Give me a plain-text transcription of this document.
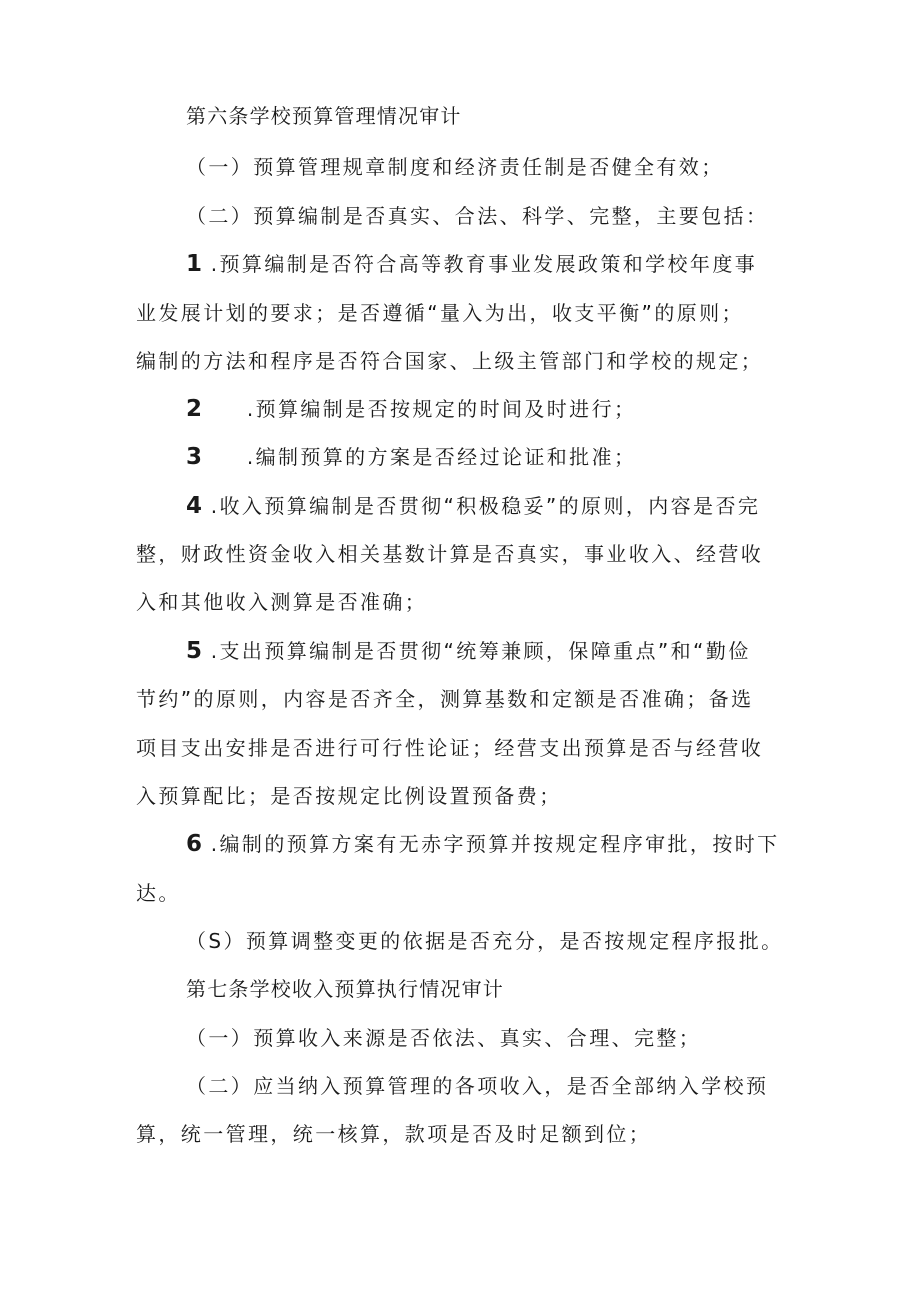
第六条学校预算管理情况审计
（一）预算管理规章制度和经济责任制是否健全有效；
（二）预算编制是否真实、合法、科学、完整，主要包括：
1 .预算编制是否符合高等教育事业发展政策和学校年度事
业发展计划的要求；是否遵循“量入为出，收支平衡”的原则；
编制的方法和程序是否符合国家、上级主管部门和学校的规定；
2　　.预算编制是否按规定的时间及时进行；
3　　.编制预算的方案是否经过论证和批准；
4 .收入预算编制是否贯彻“积极稳妥”的原则，内容是否完
整，财政性资金收入相关基数计算是否真实，事业收入、经营收
入和其他收入测算是否准确；
5 .支出预算编制是否贯彻“统筹兼顾，保障重点”和“勤俭
节约”的原则，内容是否齐全，测算基数和定额是否准确；备选
项目支出安排是否进行可行性论证；经营支出预算是否与经营收
入预算配比；是否按规定比例设置预备费；
6 .编制的预算方案有无赤字预算并按规定程序审批，按时下
达。
（S）预算调整变更的依据是否充分，是否按规定程序报批。
第七条学校收入预算执行情况审计
（一）预算收入来源是否依法、真实、合理、完整；
（二）应当纳入预算管理的各项收入，是否全部纳入学校预
算，统一管理，统一核算，款项是否及时足额到位；
